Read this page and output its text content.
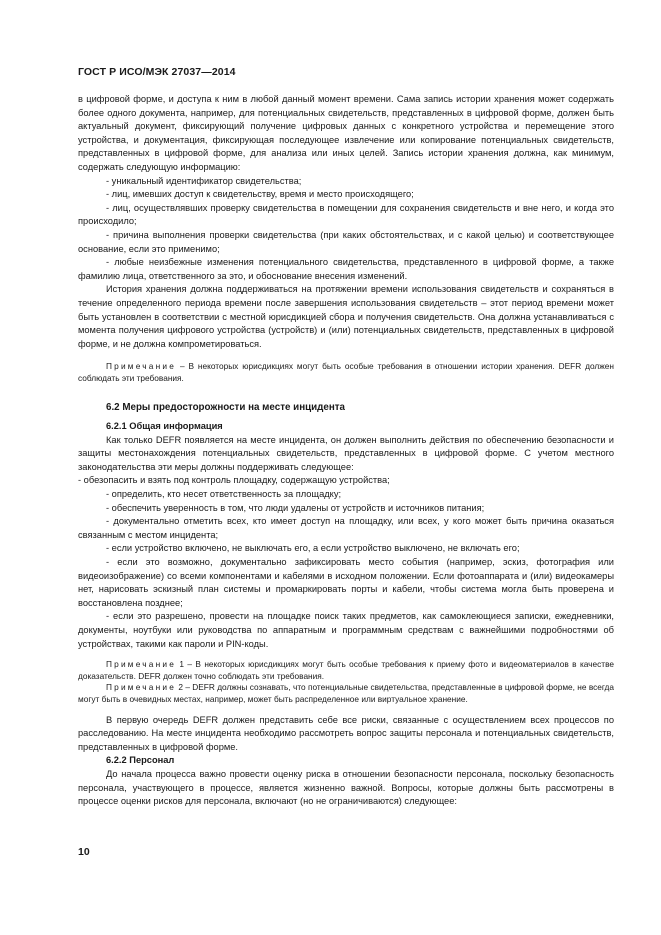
ГОСТ Р ИСО/МЭК 27037—2014

в цифровой форме, и доступа к ним в любой данный момент времени. Сама запись истории хранения может содержать более одного документа, например, для потенциальных свидетельств, представленных в цифровой форме, должен быть актуальный документ, фиксирующий получение цифровых данных с конкретного устройства и перемещение этого устройства, и документация, фиксирующая последующее извлечение или копирование потенциальных свидетельств, представленных в цифровой форме, для анализа или иных целей. Запись истории хранения должна, как минимум, содержать следующую информацию:

- уникальный идентификатор свидетельства;

- лиц, имевших доступ к свидетельству, время и место происходящего;

- лиц, осуществлявших проверку свидетельства в помещении для сохранения свидетельств и вне него, и когда это происходило;

- причина выполнения проверки свидетельства (при каких обстоятельствах, и с какой целью) и соответствующее основание, если это применимо;

- любые неизбежные изменения потенциального свидетельства, представленного в цифровой форме, а также фамилию лица, ответственного за это, и обоснование внесения изменений.

История хранения должна поддерживаться на протяжении времени использования свидетельств и сохраняться в течение определенного периода времени после завершения использования свидетельств – этот период времени может быть установлен в соответствии с местной юрисдикцией сбора и получения свидетельств. Она должна устанавливаться с момента получения цифрового устройства (устройств) и (или) потенциальных свидетельств, представленных в цифровой форме, и не должна компрометироваться.

Примечание – В некоторых юрисдикциях могут быть особые требования в отношении истории хранения. DEFR должен соблюдать эти требования.

6.2 Меры предосторожности на месте инцидента

6.2.1 Общая информация

Как только DEFR появляется на месте инцидента, он должен выполнить действия по обеспечению безопасности и защиты местонахождения потенциальных свидетельств, представленных в цифровой форме. С учетом местного законодательства эти меры должны поддерживать следующее:

- обезопасить и взять под контроль площадку, содержащую устройства;

- определить, кто несет ответственность за площадку;

- обеспечить уверенность в том, что люди удалены от устройств и источников питания;

- документально отметить всех, кто имеет доступ на площадку, или всех, у кого может быть причина оказаться связанным с местом инцидента;

- если устройство включено, не выключать его, а если устройство выключено, не включать его;

- если это возможно, документально зафиксировать место события (например, эскиз, фотография или видеоизображение) со всеми компонентами и кабелями в исходном положении. Если фотоаппарата и (или) видеокамеры нет, нарисовать эскизный план системы и промаркировать порты и кабели, чтобы система могла быть проверена и восстановлена позднее;

- если это разрешено, провести на площадке поиск таких предметов, как самоклеющиеся записки, ежедневники, документы, ноутбуки или руководства по аппаратным и программным средствам с важнейшими подробностями об устройствах, такими как пароли и PIN-коды.

Примечание 1 – В некоторых юрисдикциях могут быть особые требования к приему фото и видеоматериалов в качестве доказательств. DEFR должен точно соблюдать эти требования.

Примечание 2 – DEFR должны сознавать, что потенциальные свидетельства, представленные в цифровой форме, не всегда могут быть в очевидных местах, например, может быть распределенное или виртуальное хранение.

В первую очередь DEFR должен представить себе все риски, связанные с осуществлением всех процессов по расследованию. На месте инцидента необходимо рассмотреть вопрос защиты персонала и потенциальных свидетельств, представленных в цифровой форме.

6.2.2 Персонал

До начала процесса важно провести оценку риска в отношении безопасности персонала, поскольку безопасность персонала, участвующего в процессе, является жизненно важной. Вопросы, которые должны быть рассмотрены в процессе оценки рисков для персонала, включают (но не ограничиваются) следующее:

10
